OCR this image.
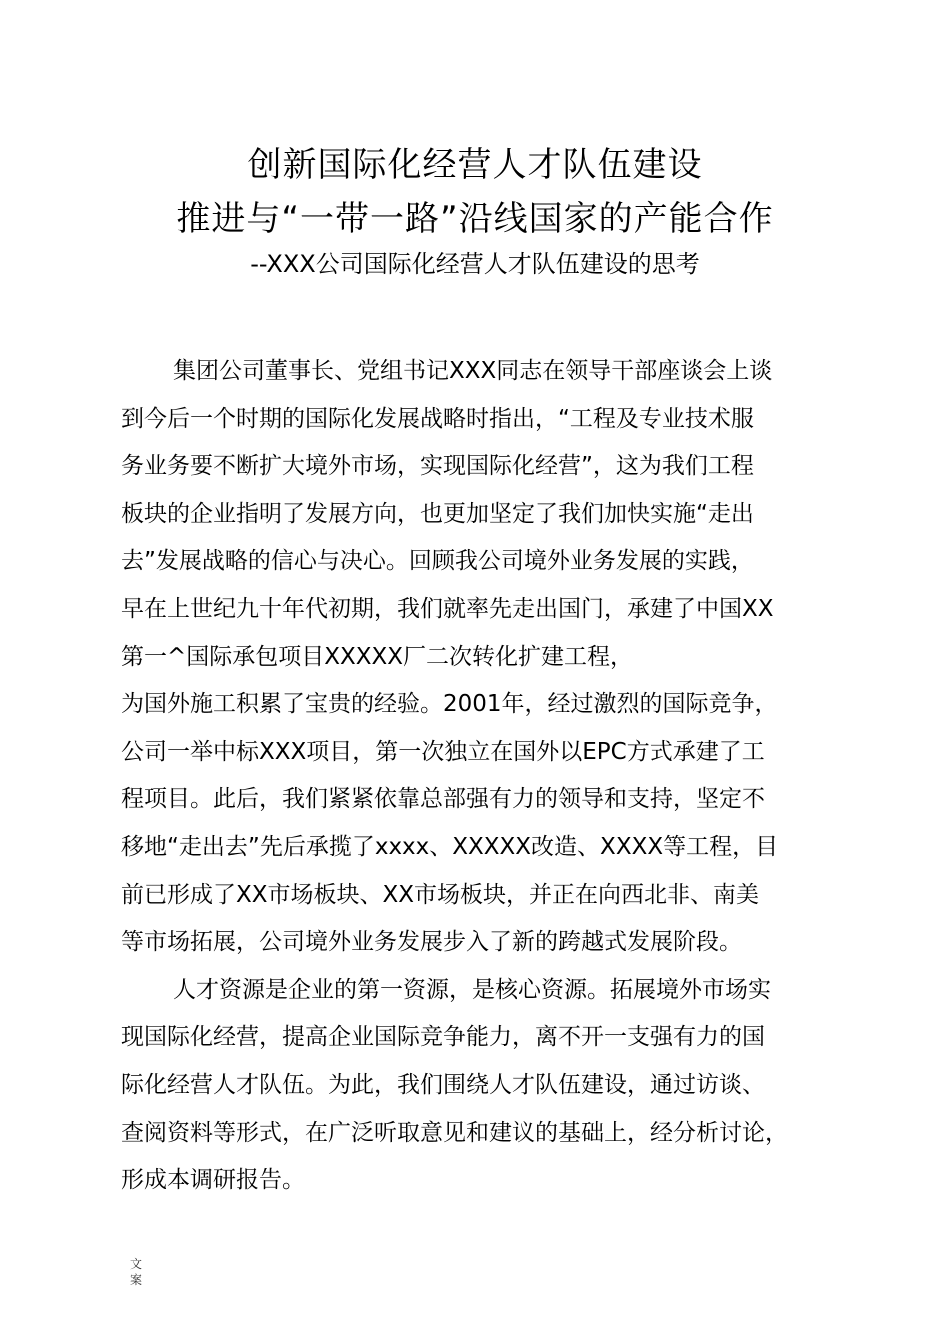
创新国际化经营人才队伍建设
推进与“一带一路”沿线国家的产能合作
--XXX公司国际化经营人才队伍建设的思考
集团公司董事长、党组书记XXX同志在领导干部座谈会上谈
到今后一个时期的国际化发展战略时指出，“工程及专业技术服
务业务要不断扩大境外市场，实现国际化经营”，这为我们工程
板块的企业指明了发展方向，也更加坚定了我们加快实施“走出
去”发展战略的信心与决心。回顾我公司境外业务发展的实践，
早在上世纪九十年代初期，我们就率先走出国门，承建了中国XX
第一^国际承包项目XXXXX厂二次转化扩建工程，
为国外施工积累了宝贵的经验。2001年，经过激烈的国际竞争，
公司一举中标XXX项目，第一次独立在国外以EPC方式承建了工
程项目。此后，我们紧紧依靠总部强有力的领导和支持，坚定不
移地“走出去”先后承揽了xxxx、XXXXX改造、XXXX等工程，目
前已形成了XX市场板块、XX市场板块，并正在向西北非、南美
等市场拓展，公司境外业务发展步入了新的跨越式发展阶段。
人才资源是企业的第一资源，是核心资源。拓展境外市场实
现国际化经营，提高企业国际竞争能力，离不开一支强有力的国
际化经营人才队伍。为此，我们围绕人才队伍建设，通过访谈、
查阅资料等形式，在广泛听取意见和建议的基础上，经分析讨论，
形成本调研报告。
文案
